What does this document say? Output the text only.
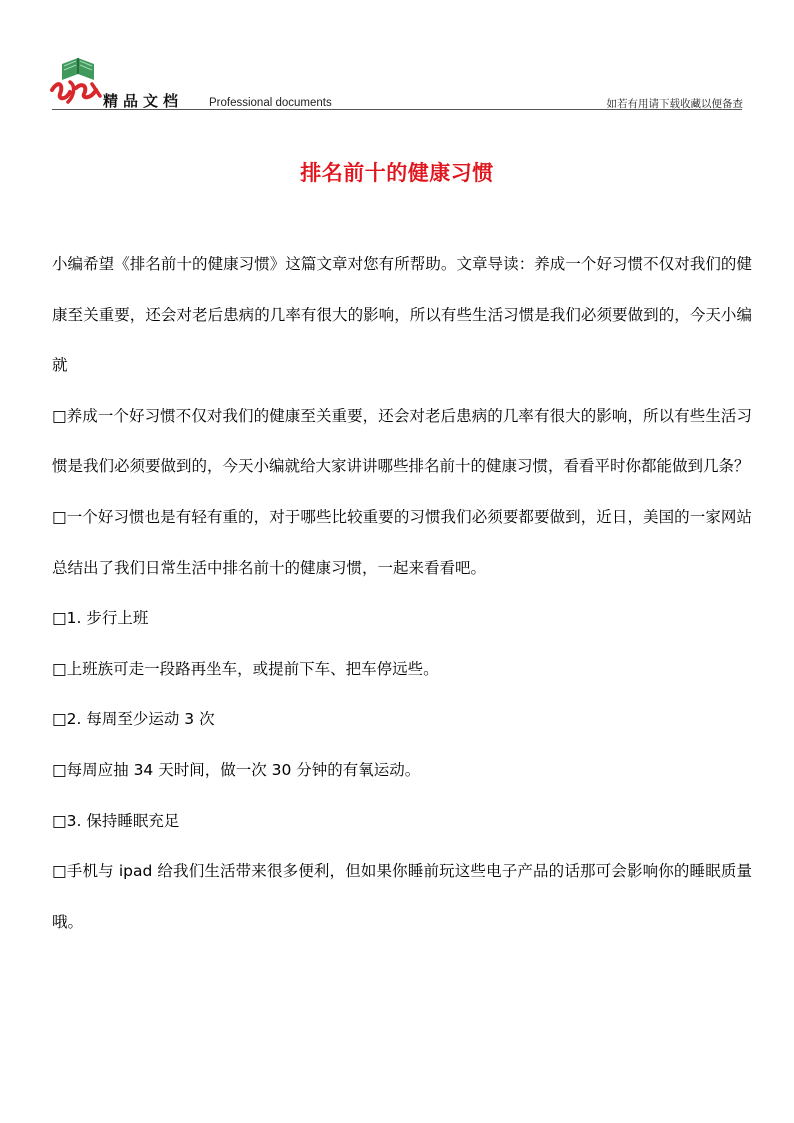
精品文档 Professional documents	如若有用请下载收藏以便备查
排名前十的健康习惯

小编希望《排名前十的健康习惯》这篇文章对您有所帮助。文章导读：养成一个好习惯不仅对我们的健康至关重要，还会对老后患病的几率有很大的影响，所以有些生活习惯是我们必须要做到的，今天小编就

□养成一个好习惯不仅对我们的健康至关重要，还会对老后患病的几率有很大的影响，所以有些生活习惯是我们必须要做到的，今天小编就给大家讲讲哪些排名前十的健康习惯，看看平时你都能做到几条？

□一个好习惯也是有轻有重的，对于哪些比较重要的习惯我们必须要都要做到，近日，美国的一家网站总结出了我们日常生活中排名前十的健康习惯，一起来看看吧。

□1. 步行上班

□上班族可走一段路再坐车，或提前下车、把车停远些。

□2. 每周至少运动 3 次

□每周应抽 34 天时间，做一次 30 分钟的有氧运动。

□3. 保持睡眠充足

□手机与 ipad 给我们生活带来很多便利，但如果你睡前玩这些电子产品的话那可会影响你的睡眠质量哦。
